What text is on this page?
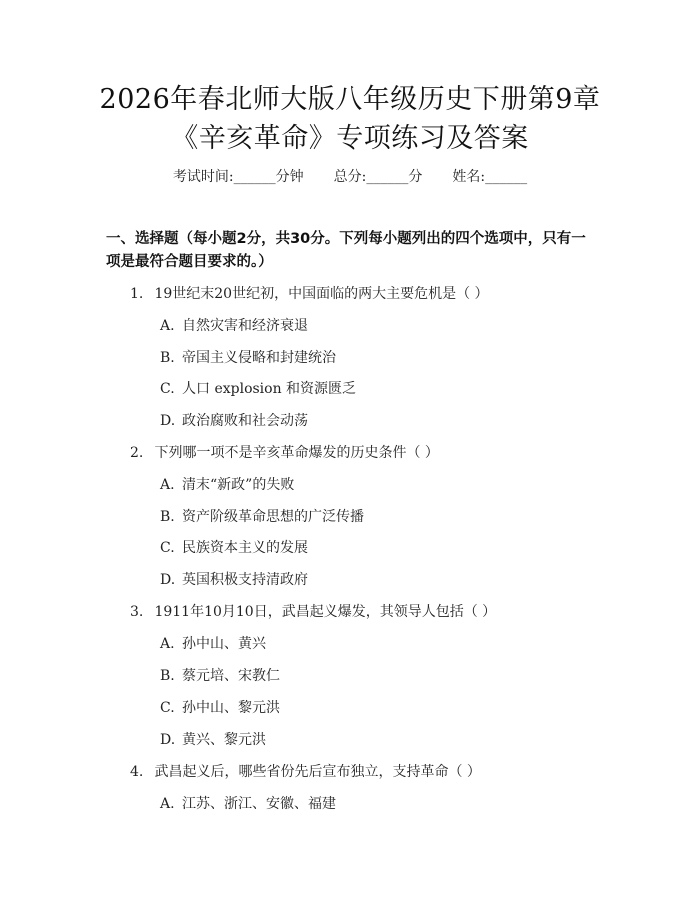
2026年春北师大版八年级历史下册第9章
《辛亥革命》专项练习及答案
考试时间:______分钟 总分:______分 姓名:______
一、选择题（每小题2分，共30分。下列每小题列出的四个选项中，只有一项是最符合题目要求的。）
1. 19世纪末20世纪初，中国面临的两大主要危机是（ ）
A. 自然灾害和经济衰退
B. 帝国主义侵略和封建统治
C. 人口 explosion 和资源匮乏
D. 政治腐败和社会动荡
2. 下列哪一项不是辛亥革命爆发的历史条件（ ）
A. 清末“新政”的失败
B. 资产阶级革命思想的广泛传播
C. 民族资本主义的发展
D. 英国积极支持清政府
3. 1911年10月10日，武昌起义爆发，其领导人包括（ ）
A. 孙中山、黄兴
B. 蔡元培、宋教仁
C. 孙中山、黎元洪
D. 黄兴、黎元洪
4. 武昌起义后，哪些省份先后宣布独立，支持革命（ ）
A. 江苏、浙江、安徽、福建
